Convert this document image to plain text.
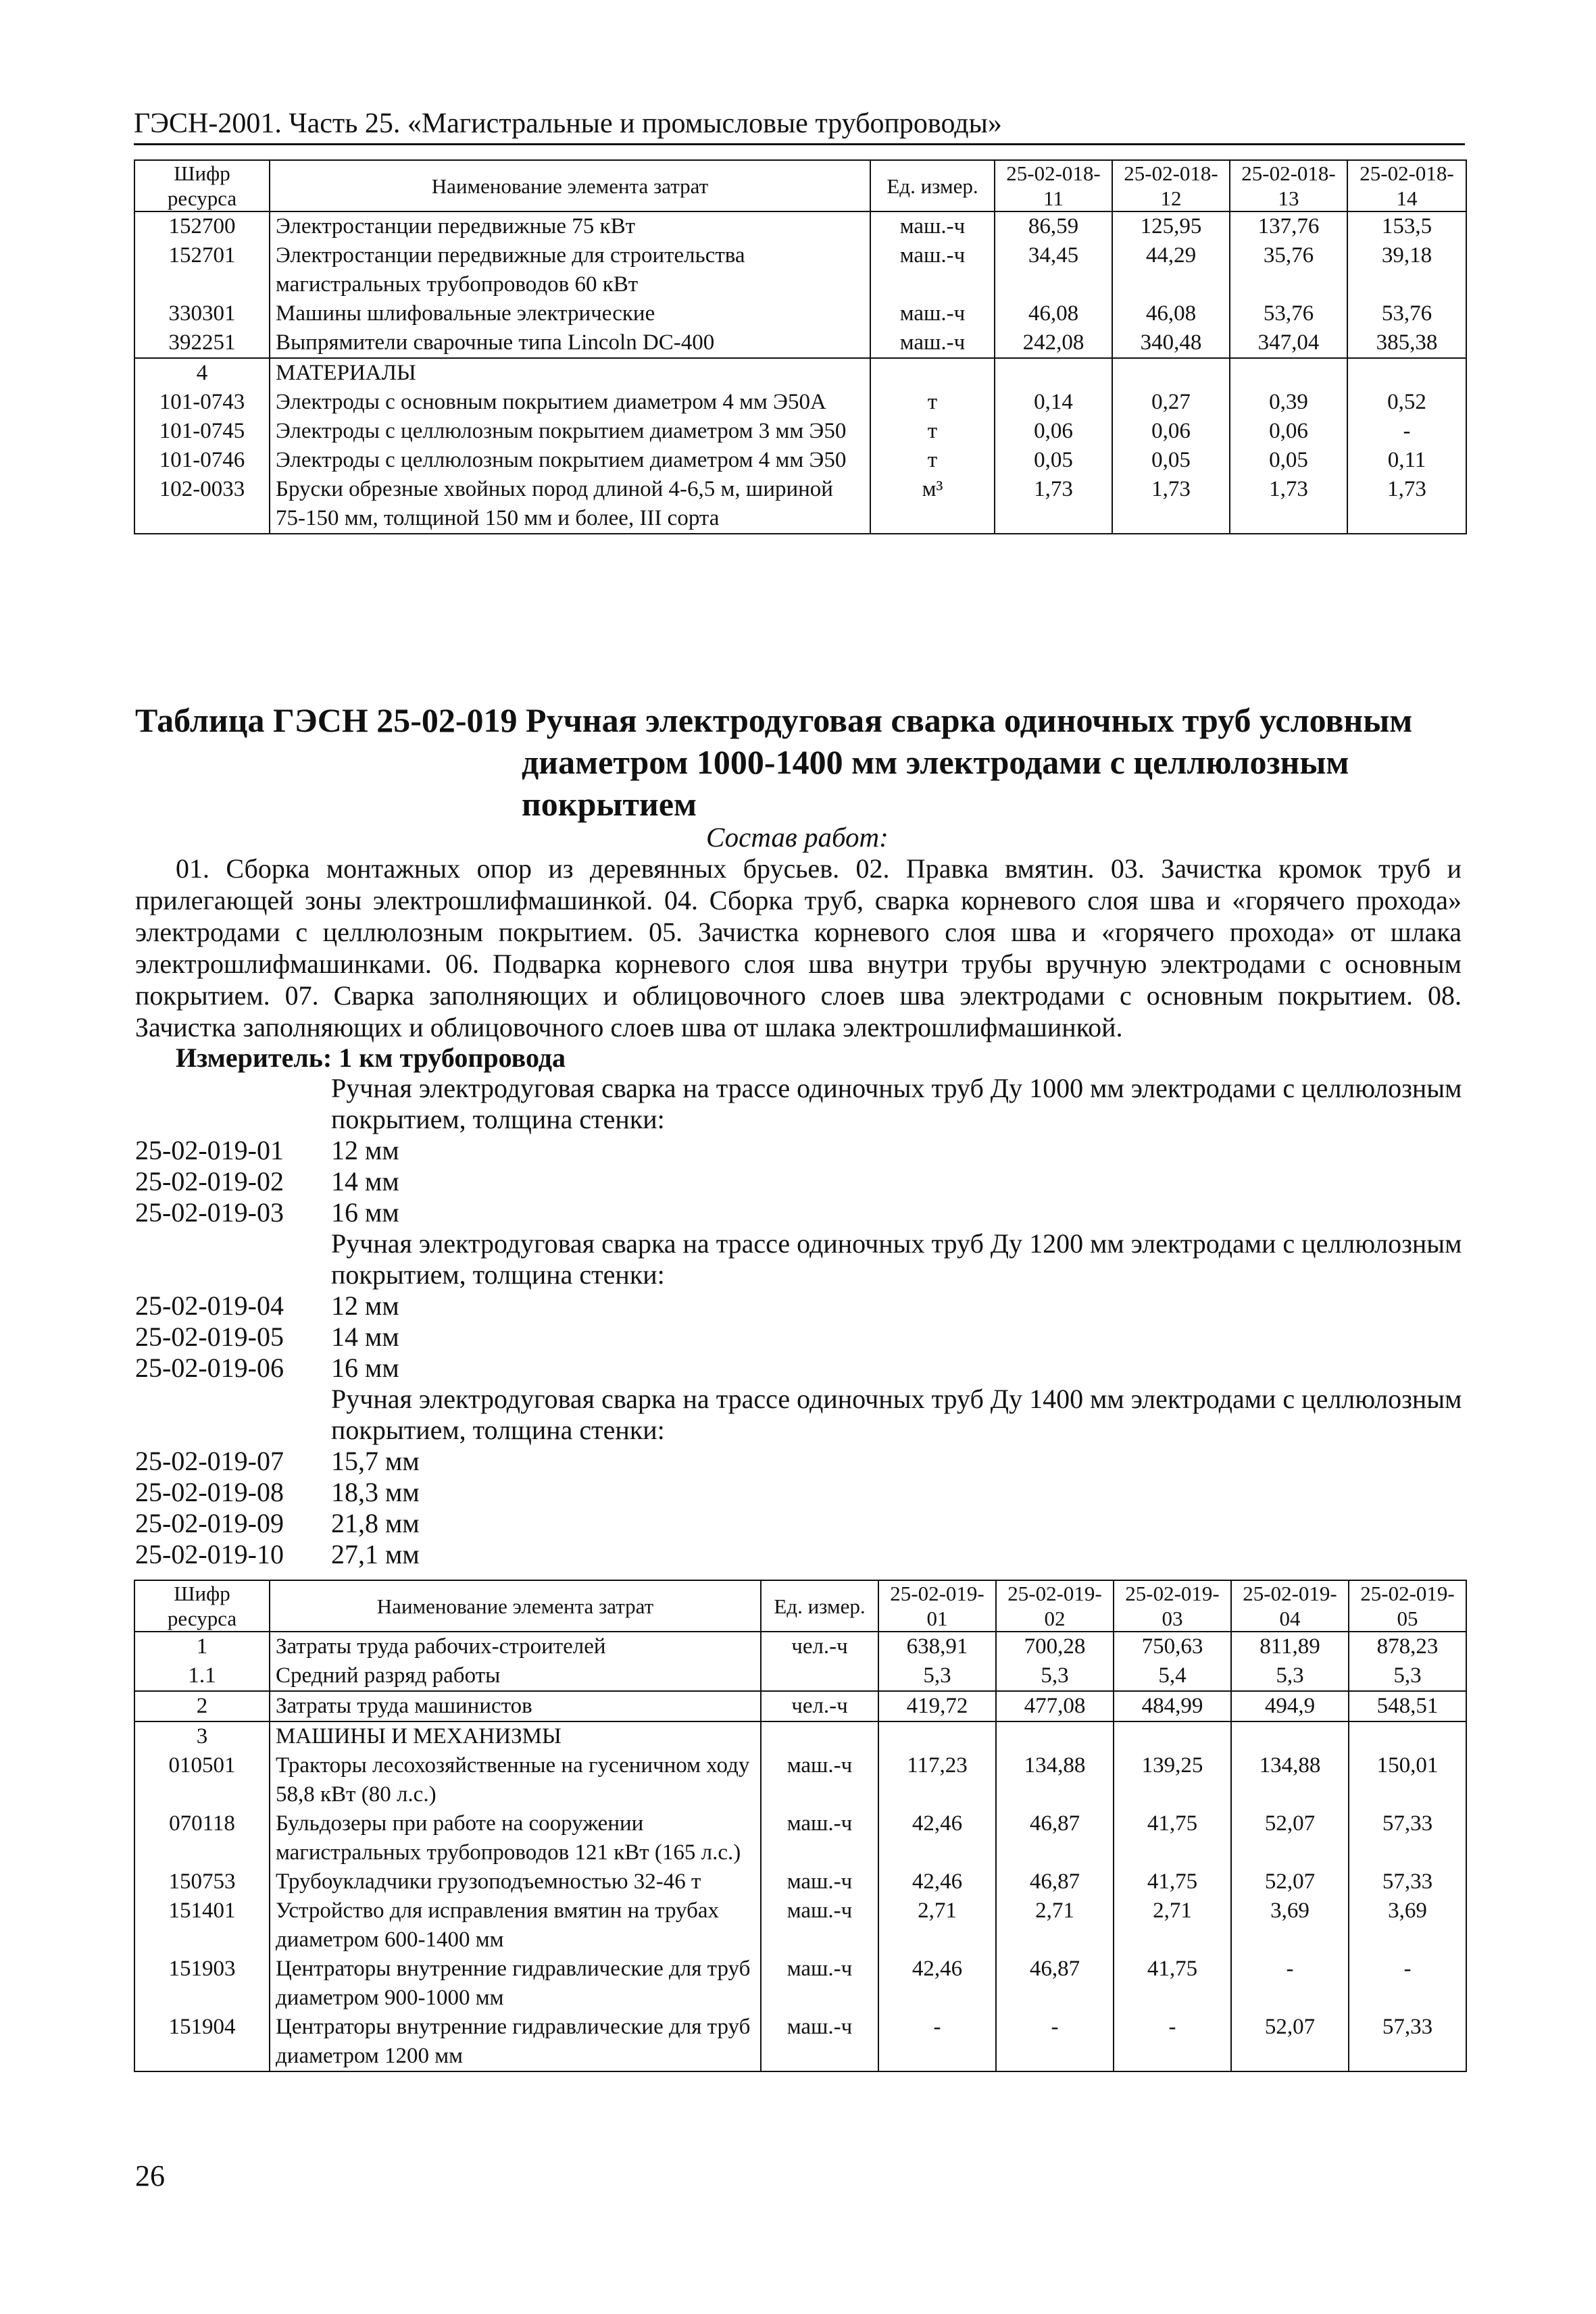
ГЭСН-2001. Часть 25. «Магистральные и промысловые трубопроводы»
Шифр ресурса	Наименование элемента затрат	Ед. измер.	25-02-018-11	25-02-018-12	25-02-018-13	25-02-018-14
152700	Электростанции передвижные 75 кВт	маш.-ч	86,59	125,95	137,76	153,5
152701	Электростанции передвижные для строительства магистральных трубопроводов 60 кВт	маш.-ч	34,45	44,29	35,76	39,18
330301	Машины шлифовальные электрические	маш.-ч	46,08	46,08	53,76	53,76
392251	Выпрямители сварочные типа Lincoln DC-400	маш.-ч	242,08	340,48	347,04	385,38
4	МАТЕРИАЛЫ					
101-0743	Электроды с основным покрытием диаметром 4 мм Э50А	т	0,14	0,27	0,39	0,52
101-0745	Электроды с целлюлозным покрытием диаметром 3 мм Э50	т	0,06	0,06	0,06	-
101-0746	Электроды с целлюлозным покрытием диаметром 4 мм Э50	т	0,05	0,05	0,05	0,11
102-0033	Бруски обрезные хвойных пород длиной 4-6,5 м, шириной 75-150 мм, толщиной 150 мм и более, III сорта	м³	1,73	1,73	1,73	1,73
Таблица ГЭСН 25-02-019 Ручная электродуговая сварка одиночных труб условным
диаметром 1000-1400 мм электродами с целлюлозным покрытием
Состав работ:

01. Сборка монтажных опор из деревянных брусьев. 02. Правка вмятин. 03. Зачистка кромок труб и прилегающей зоны электрошлифмашинкой. 04. Сборка труб, сварка корневого слоя шва и «горячего прохода» электродами с целлюлозным покрытием. 05. Зачистка корневого слоя шва и «горячего прохода» от шлака электрошлифмашинками. 06. Подварка корневого слоя шва внутри трубы вручную электродами с основным покрытием. 07. Сварка заполняющих и облицовочного слоев шва электродами с основным покрытием. 08. Зачистка заполняющих и облицовочного слоев шва от шлака электрошлифмашинкой.

Измеритель: 1 км трубопровода
Ручная электродуговая сварка на трассе одиночных труб Ду 1000 мм электродами с целлюлозным покрытием, толщина стенки:
25-02-019-01	12 мм
25-02-019-02	14 мм
25-02-019-03	16 мм
Ручная электродуговая сварка на трассе одиночных труб Ду 1200 мм электродами с целлюлозным покрытием, толщина стенки:
25-02-019-04	12 мм
25-02-019-05	14 мм
25-02-019-06	16 мм
Ручная электродуговая сварка на трассе одиночных труб Ду 1400 мм электродами с целлюлозным покрытием, толщина стенки:
25-02-019-07	15,7 мм
25-02-019-08	18,3 мм
25-02-019-09	21,8 мм
25-02-019-10	27,1 мм
Шифр ресурса	Наименование элемента затрат	Ед. измер.	25-02-019-01	25-02-019-02	25-02-019-03	25-02-019-04	25-02-019-05
1	Затраты труда рабочих-строителей	чел.-ч	638,91	700,28	750,63	811,89	878,23
1.1	Средний разряд работы		5,3	5,3	5,4	5,3	5,3
2	Затраты труда машинистов	чел.-ч	419,72	477,08	484,99	494,9	548,51
3	МАШИНЫ И МЕХАНИЗМЫ						
010501	Тракторы лесохозяйственные на гусеничном ходу 58,8 кВт (80 л.с.)	маш.-ч	117,23	134,88	139,25	134,88	150,01
070118	Бульдозеры при работе на сооружении магистральных трубопроводов 121 кВт (165 л.с.)	маш.-ч	42,46	46,87	41,75	52,07	57,33
150753	Трубоукладчики грузоподъемностью 32-46 т	маш.-ч	42,46	46,87	41,75	52,07	57,33
151401	Устройство для исправления вмятин на трубах диаметром 600-1400 мм	маш.-ч	2,71	2,71	2,71	3,69	3,69
151903	Центраторы внутренние гидравлические для труб диаметром 900-1000 мм	маш.-ч	42,46	46,87	41,75	-	-
151904	Центраторы внутренние гидравлические для труб диаметром 1200 мм	маш.-ч	-	-	-	52,07	57,33
26
